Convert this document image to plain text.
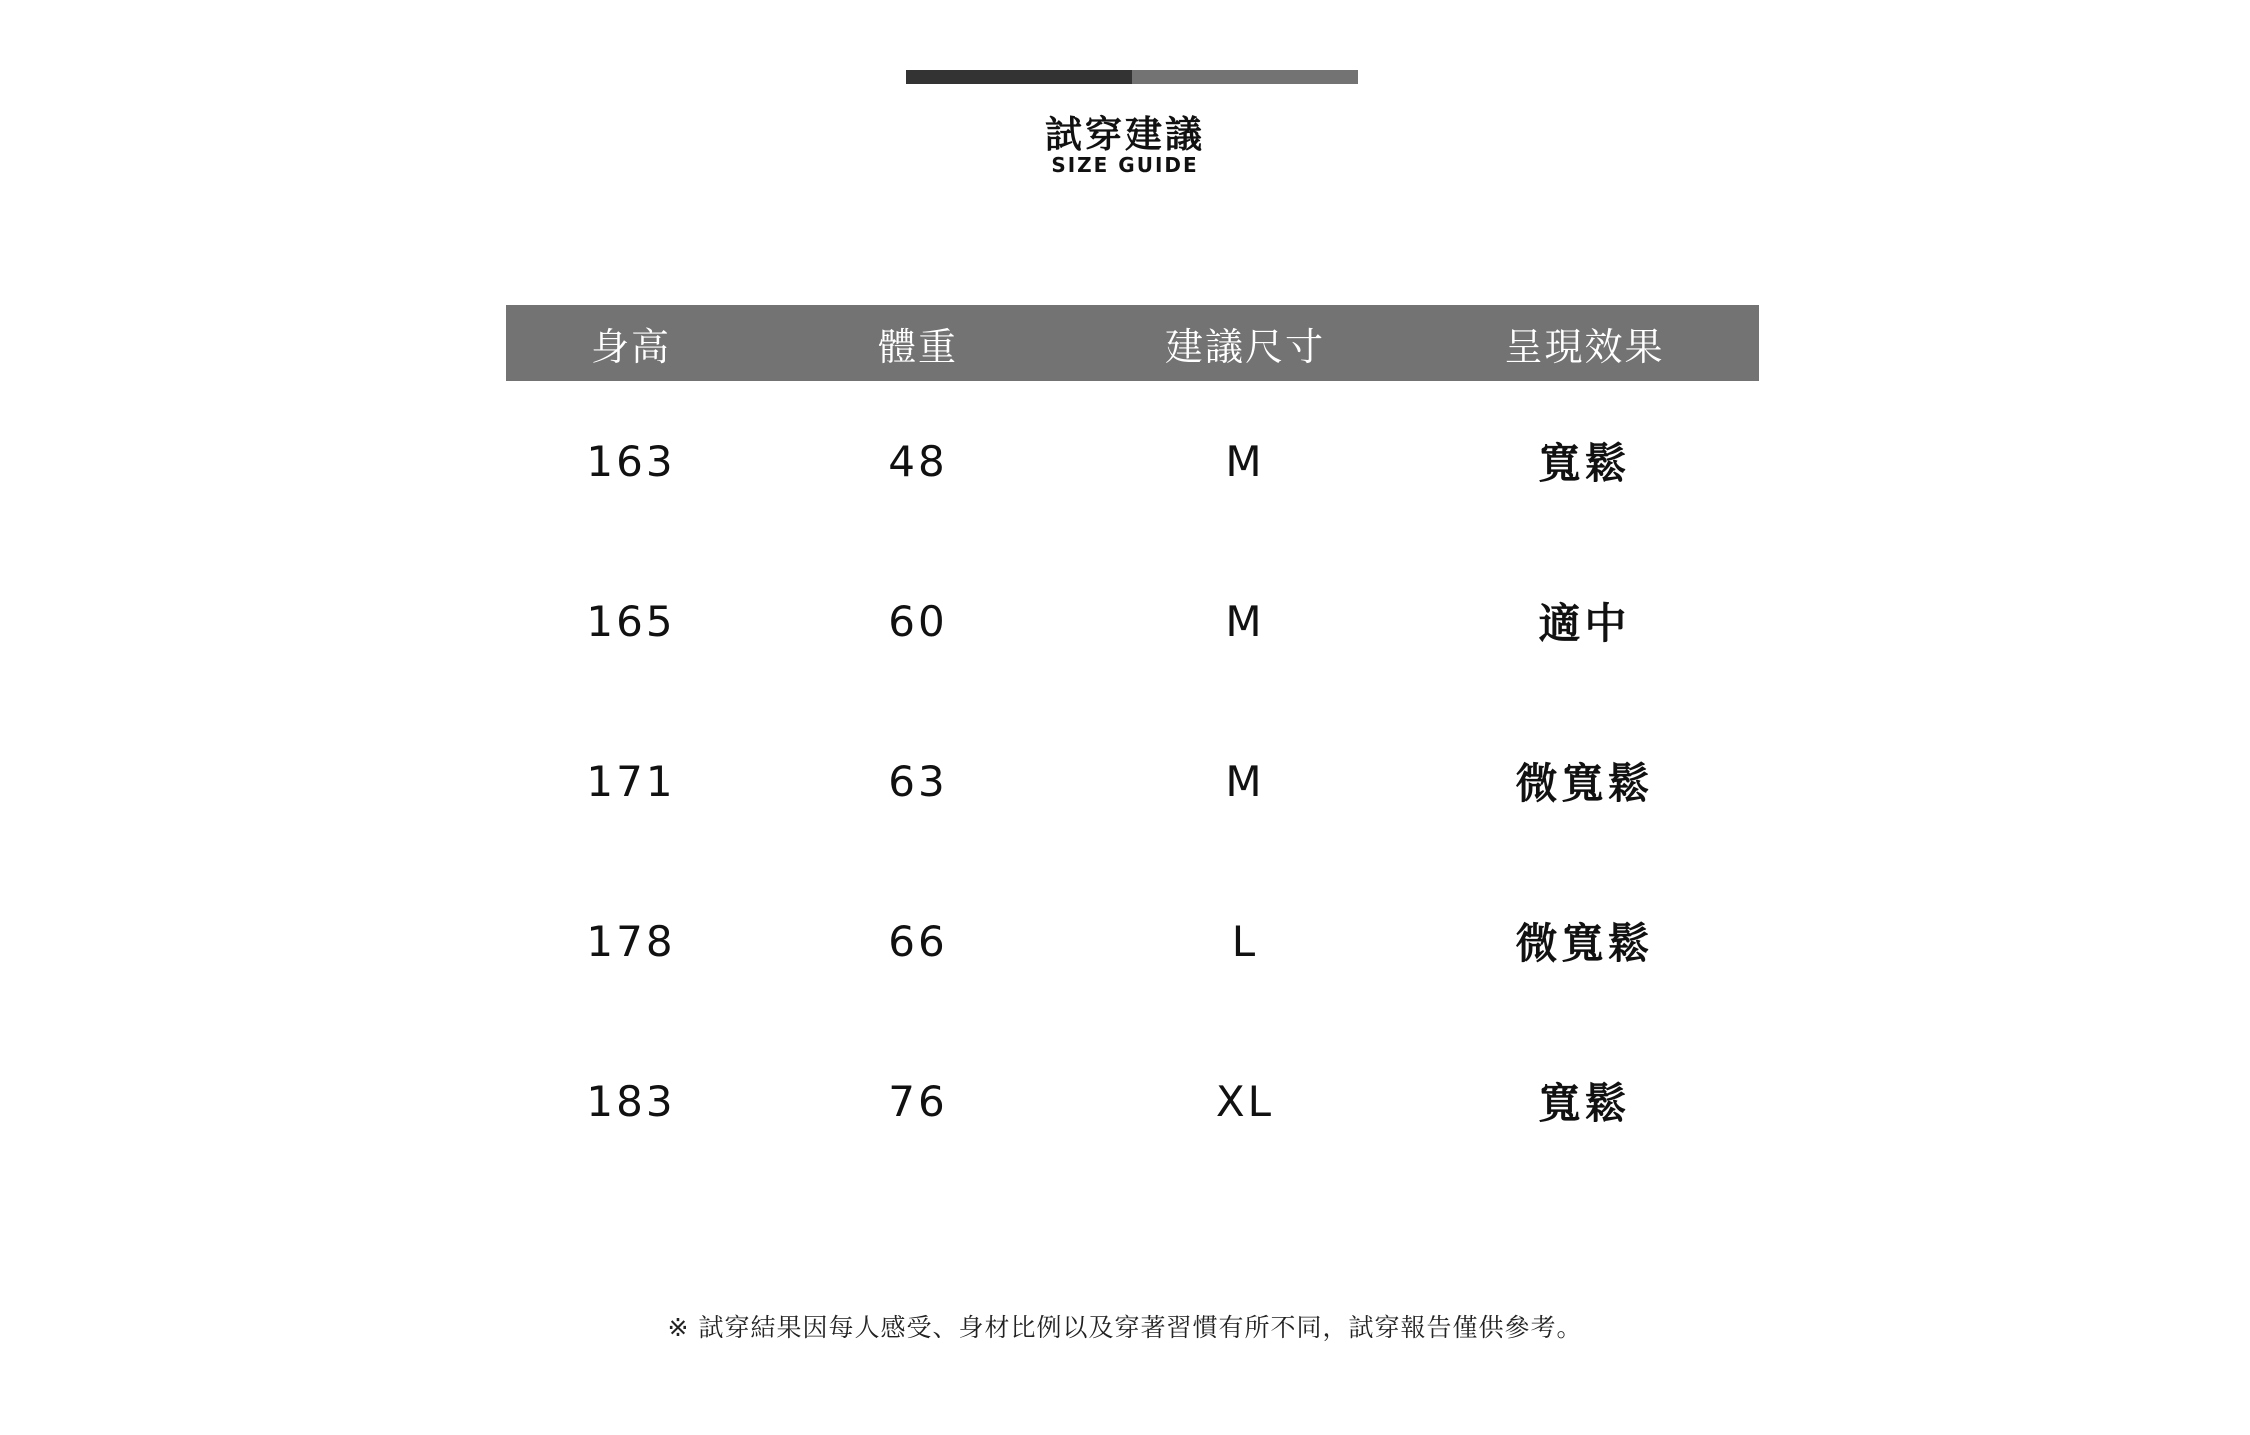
試穿建議
SIZE GUIDE
身高	體重	建議尺寸	呈現效果
163	48	M	寬鬆
165	60	M	適中
171	63	M	微寬鬆
178	66	L	微寬鬆
183	76	XL	寬鬆
※ 試穿結果因每人感受、身材比例以及穿著習慣有所不同，試穿報告僅供參考。
